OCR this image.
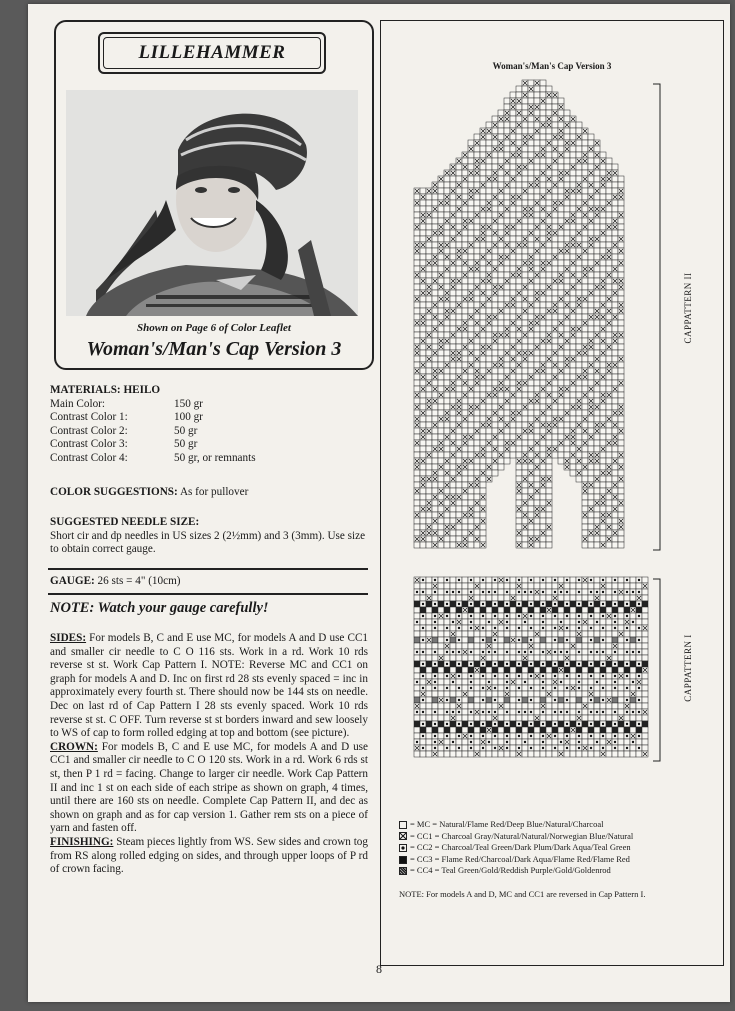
LILLEHAMMER
Shown on Page 6 of Color Leaflet
Woman's/Man's Cap Version 3
MATERIALS: HEILO
Main Color:	150 gr
Contrast Color 1:	100 gr
Contrast Color 2:	50 gr
Contrast Color 3:	50 gr
Contrast Color 4:	50 gr, or remnants
COLOR SUGGESTIONS: As for pullover
SUGGESTED NEEDLE SIZE:
Short cir and dp needles in US sizes 2 (2½mm) and 3 (3mm). Use size to obtain correct gauge.
GAUGE: 26 sts = 4" (10cm)
NOTE: Watch your gauge carefully!

SIDES: For models B, C and E use MC, for models A and D use CC1 and smaller cir needle to C O 116 sts. Work in a rd. Work 10 rds reverse st st. Work Cap Pattern I. NOTE: Reverse MC and CC1 on graph for models A and D. Inc on first rd 28 sts evenly spaced = inc in approximately every fourth st. There should now be 144 sts on needle. Dec on last rd of Cap Pattern I 28 sts evenly spaced. Work 10 rds reverse st st. C OFF. Turn reverse st st borders inward and sew loosely to WS of cap to form rolled edging at top and bottom (see picture).

CROWN: For models B, C and E use MC, for models A and D use CC1 and smaller cir needle to C O 120 sts. Work in a rd. Work 6 rds st st, then P 1 rd = facing. Change to larger cir needle. Work Cap Pattern II and inc 1 st on each side of each stripe as shown on graph, 4 times, until there are 160 sts on needle. Complete Cap Pattern II, and dec as shown on graph and as for cap version 1. Gather rem sts on a piece of yarn and fasten off.

FINISHING: Steam pieces lightly from WS. Sew sides and crown tog from RS along rolled edging on sides, and through upper loops of P rd of crown facing.

Woman's/Man's Cap Version 3
CAPPATTERN II
CAPPATTERN I
= MC = Natural/Flame Red/Deep Blue/Natural/Charcoal
= CC1 = Charcoal Gray/Natural/Natural/Norwegian Blue/Natural
= CC2 = Charcoal/Teal Green/Dark Plum/Dark Aqua/Teal Green
= CC3 = Flame Red/Charcoal/Dark Aqua/Flame Red/Flame Red
= CC4 = Teal Green/Gold/Reddish Purple/Gold/Goldenrod
NOTE: For models A and D, MC and CC1 are reversed in Cap Pattern I.
8
